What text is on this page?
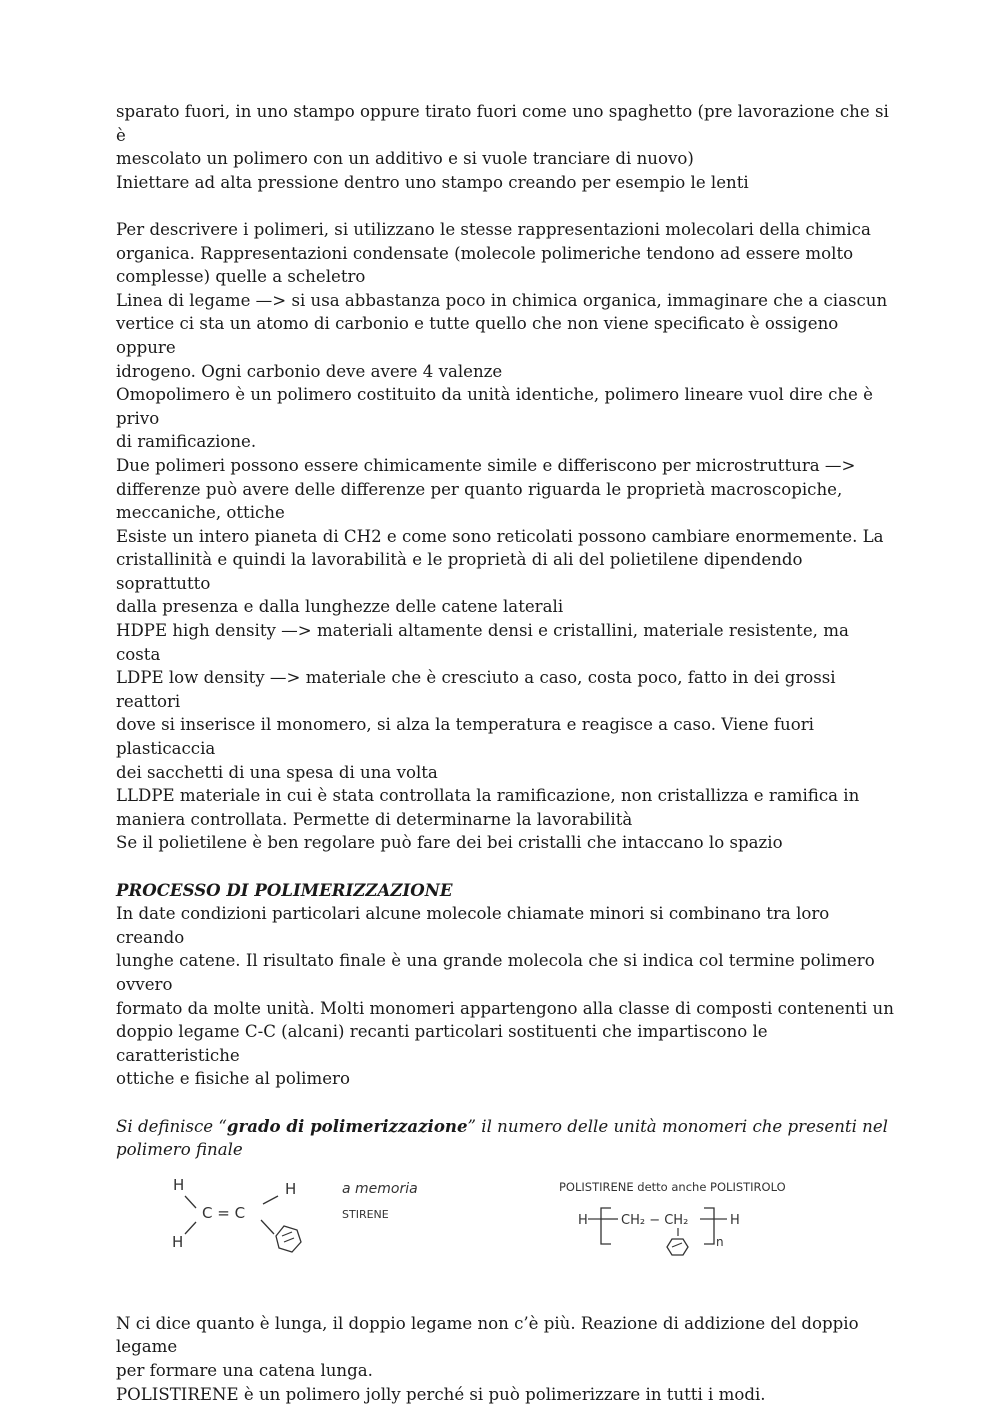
sparato fuori, in uno stampo oppure tirato fuori come uno spaghetto (pre lavorazione che si è

mescolato un polimero con un additivo e si vuole tranciare di nuovo)

Iniettare ad alta pressione dentro uno stampo creando per esempio le lenti

Per descrivere i polimeri, si utilizzano le stesse rappresentazioni molecolari della chimica

organica. Rappresentazioni condensate (molecole polimeriche tendono ad essere molto

complesse) quelle a scheletro

Linea di legame —> si usa abbastanza poco in chimica organica, immaginare che a ciascun

vertice ci sta un atomo di carbonio e tutte quello che non viene specificato è ossigeno oppure

idrogeno. Ogni carbonio deve avere 4 valenze

Omopolimero è un polimero costituito da unità identiche, polimero lineare vuol dire che è privo

di ramificazione.

Due polimeri possono essere chimicamente simile e differiscono per microstruttura —>

differenze può avere delle differenze per quanto riguarda le proprietà macroscopiche,

meccaniche, ottiche

Esiste un intero pianeta di CH2 e come sono reticolati possono cambiare enormemente. La

cristallinità e quindi la lavorabilità e le proprietà di ali del polietilene dipendendo soprattutto

dalla presenza e dalla lunghezze delle catene laterali

HDPE high density —> materiali altamente densi e cristallini, materiale resistente, ma costa

LDPE low density —> materiale che è cresciuto a caso, costa poco, fatto in dei grossi reattori

dove si inserisce il monomero, si alza la temperatura e reagisce a caso. Viene fuori plasticaccia

dei sacchetti di una spesa di una volta

LLDPE materiale in cui è stata controllata la ramificazione, non cristallizza e ramifica in

maniera controllata. Permette di determinarne la lavorabilità

Se il polietilene è ben regolare può fare dei bei cristalli che intaccano lo spazio

PROCESSO DI POLIMERIZZAZIONE

In date condizioni particolari alcune molecole chiamate minori si combinano tra loro creando

lunghe catene. Il risultato finale è una grande molecola che si indica col termine polimero ovvero

formato da molte unità. Molti monomeri appartengono alla classe di composti contenenti un

doppio legame C-C (alcani) recanti particolari sostituenti che impartiscono le caratteristiche

ottiche e fisiche al polimero

Si definisce “grado di polimerizzazione” il numero delle unità monomeri che presenti nel

polimero finale

H	H
H
C = C
a memoria
STIRENE
POLISTIRENE detto anche POLISTIROLO
H	CH₂ − CH₂	H
n

N ci dice quanto è lunga, il doppio legame non c’è più. Reazione di addizione del doppio legame

per formare una catena lunga.

POLISTIRENE è un polimero jolly perché si può polimerizzare in tutti i modi.
